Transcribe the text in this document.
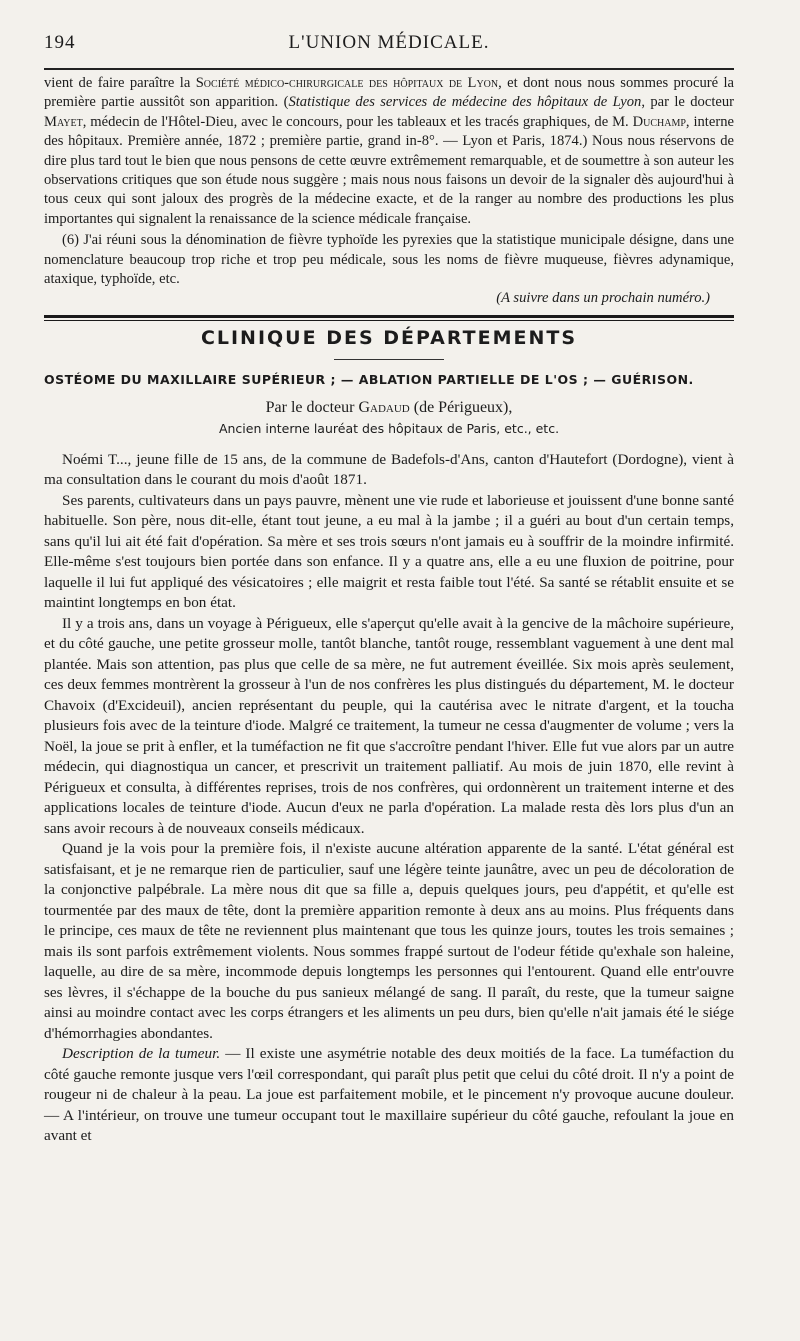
194	L'UNION MÉDICALE.

vient de faire paraître la Société médico-chirurgicale des hôpitaux de Lyon, et dont nous nous sommes procuré la première partie aussitôt son apparition. (Statistique des services de médecine des hôpitaux de Lyon, par le docteur Mayet, médecin de l'Hôtel-Dieu, avec le concours, pour les tableaux et les tracés graphiques, de M. Duchamp, interne des hôpitaux. Première année, 1872 ; première partie, grand in-8°. — Lyon et Paris, 1874.) Nous nous réservons de dire plus tard tout le bien que nous pensons de cette œuvre extrêmement remarquable, et de soumettre à son auteur les observations critiques que son étude nous suggère ; mais nous nous faisons un devoir de la signaler dès aujourd'hui à tous ceux qui sont jaloux des progrès de la médecine exacte, et de la ranger au nombre des productions les plus importantes qui signalent la renaissance de la science médicale française.

(6) J'ai réuni sous la dénomination de fièvre typhoïde les pyrexies que la statistique municipale désigne, dans une nomenclature beaucoup trop riche et trop peu médicale, sous les noms de fièvre muqueuse, fièvres adynamique, ataxique, typhoïde, etc.

(A suivre dans un prochain numéro.)
CLINIQUE DES DÉPARTEMENTS
OSTÉOME DU MAXILLAIRE SUPÉRIEUR ; — ABLATION PARTIELLE DE L'OS ; — GUÉRISON.
Par le docteur Gadaud (de Périgueux),
Ancien interne lauréat des hôpitaux de Paris, etc., etc.

Noémi T..., jeune fille de 15 ans, de la commune de Badefols-d'Ans, canton d'Hautefort (Dordogne), vient à ma consultation dans le courant du mois d'août 1871.

Ses parents, cultivateurs dans un pays pauvre, mènent une vie rude et laborieuse et jouissent d'une bonne santé habituelle. Son père, nous dit-elle, étant tout jeune, a eu mal à la jambe ; il a guéri au bout d'un certain temps, sans qu'il lui ait été fait d'opération. Sa mère et ses trois sœurs n'ont jamais eu à souffrir de la moindre infirmité. Elle-même s'est toujours bien portée dans son enfance. Il y a quatre ans, elle a eu une fluxion de poitrine, pour laquelle il lui fut appliqué des vésicatoires ; elle maigrit et resta faible tout l'été. Sa santé se rétablit ensuite et se maintint longtemps en bon état.

Il y a trois ans, dans un voyage à Périgueux, elle s'aperçut qu'elle avait à la gencive de la mâchoire supérieure, et du côté gauche, une petite grosseur molle, tantôt blanche, tantôt rouge, ressemblant vaguement à une dent mal plantée. Mais son attention, pas plus que celle de sa mère, ne fut autrement éveillée. Six mois après seulement, ces deux femmes montrèrent la grosseur à l'un de nos confrères les plus distingués du département, M. le docteur Chavoix (d'Excideuil), ancien représentant du peuple, qui la cautérisa avec le nitrate d'argent, et la toucha plusieurs fois avec de la teinture d'iode. Malgré ce traitement, la tumeur ne cessa d'augmenter de volume ; vers la Noël, la joue se prit à enfler, et la tuméfaction ne fit que s'accroître pendant l'hiver. Elle fut vue alors par un autre médecin, qui diagnostiqua un cancer, et prescrivit un traitement palliatif. Au mois de juin 1870, elle revint à Périgueux et consulta, à différentes reprises, trois de nos confrères, qui ordonnèrent un traitement interne et des applications locales de teinture d'iode. Aucun d'eux ne parla d'opération. La malade resta dès lors plus d'un an sans avoir recours à de nouveaux conseils médicaux.

Quand je la vois pour la première fois, il n'existe aucune altération apparente de la santé. L'état général est satisfaisant, et je ne remarque rien de particulier, sauf une légère teinte jaunâtre, avec un peu de décoloration de la conjonctive palpébrale. La mère nous dit que sa fille a, depuis quelques jours, peu d'appétit, et qu'elle est tourmentée par des maux de tête, dont la première apparition remonte à deux ans au moins. Plus fréquents dans le principe, ces maux de tête ne reviennent plus maintenant que tous les quinze jours, toutes les trois semaines ; mais ils sont parfois extrêmement violents. Nous sommes frappé surtout de l'odeur fétide qu'exhale son haleine, laquelle, au dire de sa mère, incommode depuis longtemps les personnes qui l'entourent. Quand elle entr'ouvre ses lèvres, il s'échappe de la bouche du pus sanieux mélangé de sang. Il paraît, du reste, que la tumeur saigne ainsi au moindre contact avec les corps étrangers et les aliments un peu durs, bien qu'elle n'ait jamais été le siége d'hémorrhagies abondantes.

Description de la tumeur. — Il existe une asymétrie notable des deux moitiés de la face. La tuméfaction du côté gauche remonte jusque vers l'œil correspondant, qui paraît plus petit que celui du côté droit. Il n'y a point de rougeur ni de chaleur à la peau. La joue est parfaitement mobile, et le pincement n'y provoque aucune douleur. — A l'intérieur, on trouve une tumeur occupant tout le maxillaire supérieur du côté gauche, refoulant la joue en avant et
